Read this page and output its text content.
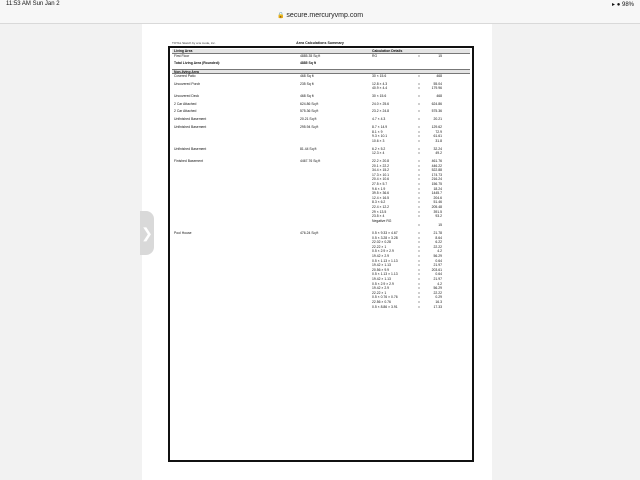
11:53 AM Sun Jan 2	▸ ● 98%
🔒 secure.mercuryvmp.com
❯
TOTAL Sketch by a la mode, inc.	Area Calculations Summary
Living Area	Calculation Details
First Floor	4885.35 Sq ft	RG	=	15
Total Living Area (Rounded):	4885 Sq ft
Non-living Area
Covered Patio	468 Sq ft	30 × 15.6	=	468
Uncovered Porch	235 Sq ft	12.8 × 4.3	=	55.04
40.9 × 4.4	=	179.96
Uncovered Deck	468 Sq ft	30 × 15.6	=	468
2 Car Attached	624.86 Sq ft	24.0 × 25.6	=	624.86
2 Car Attached	575.36 Sq ft	23.2 × 24.8	=	575.36
Unfinished Basement	20.21 Sq ft	4.7 × 4.3	=	20.21
Unfinished Basement	295.94 Sq ft	8.7 × 14.9	=	129.62
8.1 × 9	=	72.9
9.3 × 10.1	=	61.61
10.6 × 3	=	31.8
Unfinished Basement	81.44 Sq ft	6.2 × 5.2	=	32.24
12.3 × 4	=	49.2
Finished Basement	4467.76 Sq ft	22.2 × 20.8	=	461.76
20.1 × 22.2	=	446.22
34.4 × 15.2	=	522.88
17.3 × 10.1	=	174.73
20.4 × 10.6	=	216.24
27.5 × 5.7	=	156.75
9.6 × 1.9	=	18.24
39.5 × 36.6	=	1445.7
12.4 × 16.5	=	204.6
8.3 × 6.2	=	51.46
22.4 × 12.2	=	205.48
29 × 13.5	=	391.5
23.5 × 4	=	93.2
Negative RG
=	15
Pool House	476.24 Sq ft	0.5 × 9.33 × 4.67	=	21.78
0.5 × 3.28 × 3.28	=	8.64
22.02 × 0.28	=	6.22
22.22 × 1	=	22.22
0.5 × 2.9 × 2.9	=	4.2
19.42 × 2.9	=	56.29
0.5 × 1.13 × 1.13	=	0.64
19.42 × 1.13	=	21.97
20.56 × 9.9	=	203.61
0.5 × 1.13 × 1.13	=	0.64
19.42 × 1.13	=	21.97
0.5 × 2.9 × 2.9	=	4.2
19.42 × 2.9	=	56.29
22.22 × 1	=	22.22
0.5 × 0.76 × 0.76	=	0.29
22.56 × 0.76	=	16.3
0.5 × 8.86 × 3.91	=	17.33
